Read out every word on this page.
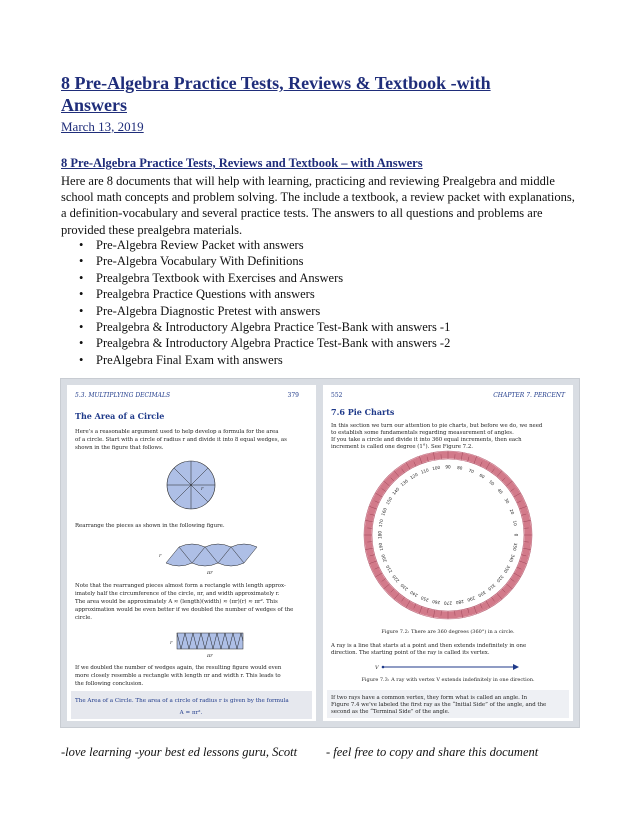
8 Pre-Algebra Practice Tests, Reviews & Textbook -with Answers
March 13, 2019
8 Pre-Algebra Practice Tests, Reviews and Textbook – with Answers

Here are 8 documents that will help with learning, practicing and reviewing Prealgebra and middle school math concepts and problem solving. The include a textbook, a review packet with explanations, a definition-vocabulary and several practice tests. The answers to all questions and problems are provided these prealgebra materials.

• Pre-Algebra Review Packet with answers
• Pre-Algebra Vocabulary With Definitions
• Prealgebra Textbook with Exercises and Answers
• Prealgebra Practice Questions with answers
• Pre-Algebra Diagnostic Pretest with answers
• Prealgebra & Introductory Algebra Practice Test-Bank with answers -1
• Prealgebra & Introductory Algebra Practice Test-Bank with answers -2
• PreAlgebra Final Exam with answers
5.3. MULTIPLYING DECIMALS	379
The Area of a Circle
Here’s a reasonable argument used to help develop a formula for the area
of a circle. Start with a circle of radius r and divide it into 8 equal wedges, as
shown in the figure that follows.
r
Rearrange the pieces as shown in the following figure.
r
πr
Note that the rearranged pieces almost form a rectangle with length approx-
imately half the circumference of the circle, πr, and width approximately r.
The area would be approximately A ≈ (length)(width) ≈ (πr)(r) ≈ πr². This
approximation would be even better if we doubled the number of wedges of the
circle.
r
πr
If we doubled the number of wedges again, the resulting figure would even
more closely resemble a rectangle with length πr and width r. This leads to
the following conclusion.
The Area of a Circle. The area of a circle of radius r is given by the formula
A = πr².
552	CHAPTER 7. PERCENT
7.6 Pie Charts
In this section we turn our attention to pie charts, but before we do, we need
to establish some fundamentals regarding measurement of angles.
If you take a circle and divide it into 360 equal increments, then each
increment is called one degree (1°). See Figure 7.2.
0
10
20
30
40
50
60
70
80
90
100
110
120
130
140
150
160
170
180
190
200
210
220
230
240
250 260 270 280 290
300
310
320
330
340
350
Figure 7.2: There are 360 degrees (360°) in a circle.
A ray is a line that starts at a point and then extends indefinitely in one
direction. The starting point of the ray is called its vertex.
V
Figure 7.3: A ray with vertex V extends indefinitely in one direction.
If two rays have a common vertex, they form what is called an angle. In
Figure 7.4 we’ve labeled the first ray as the “Initial Side” of the angle, and the
second as the “Terminal Side” of the angle.
-love learning -your best ed lessons guru, Scott - feel free to copy and share this document
